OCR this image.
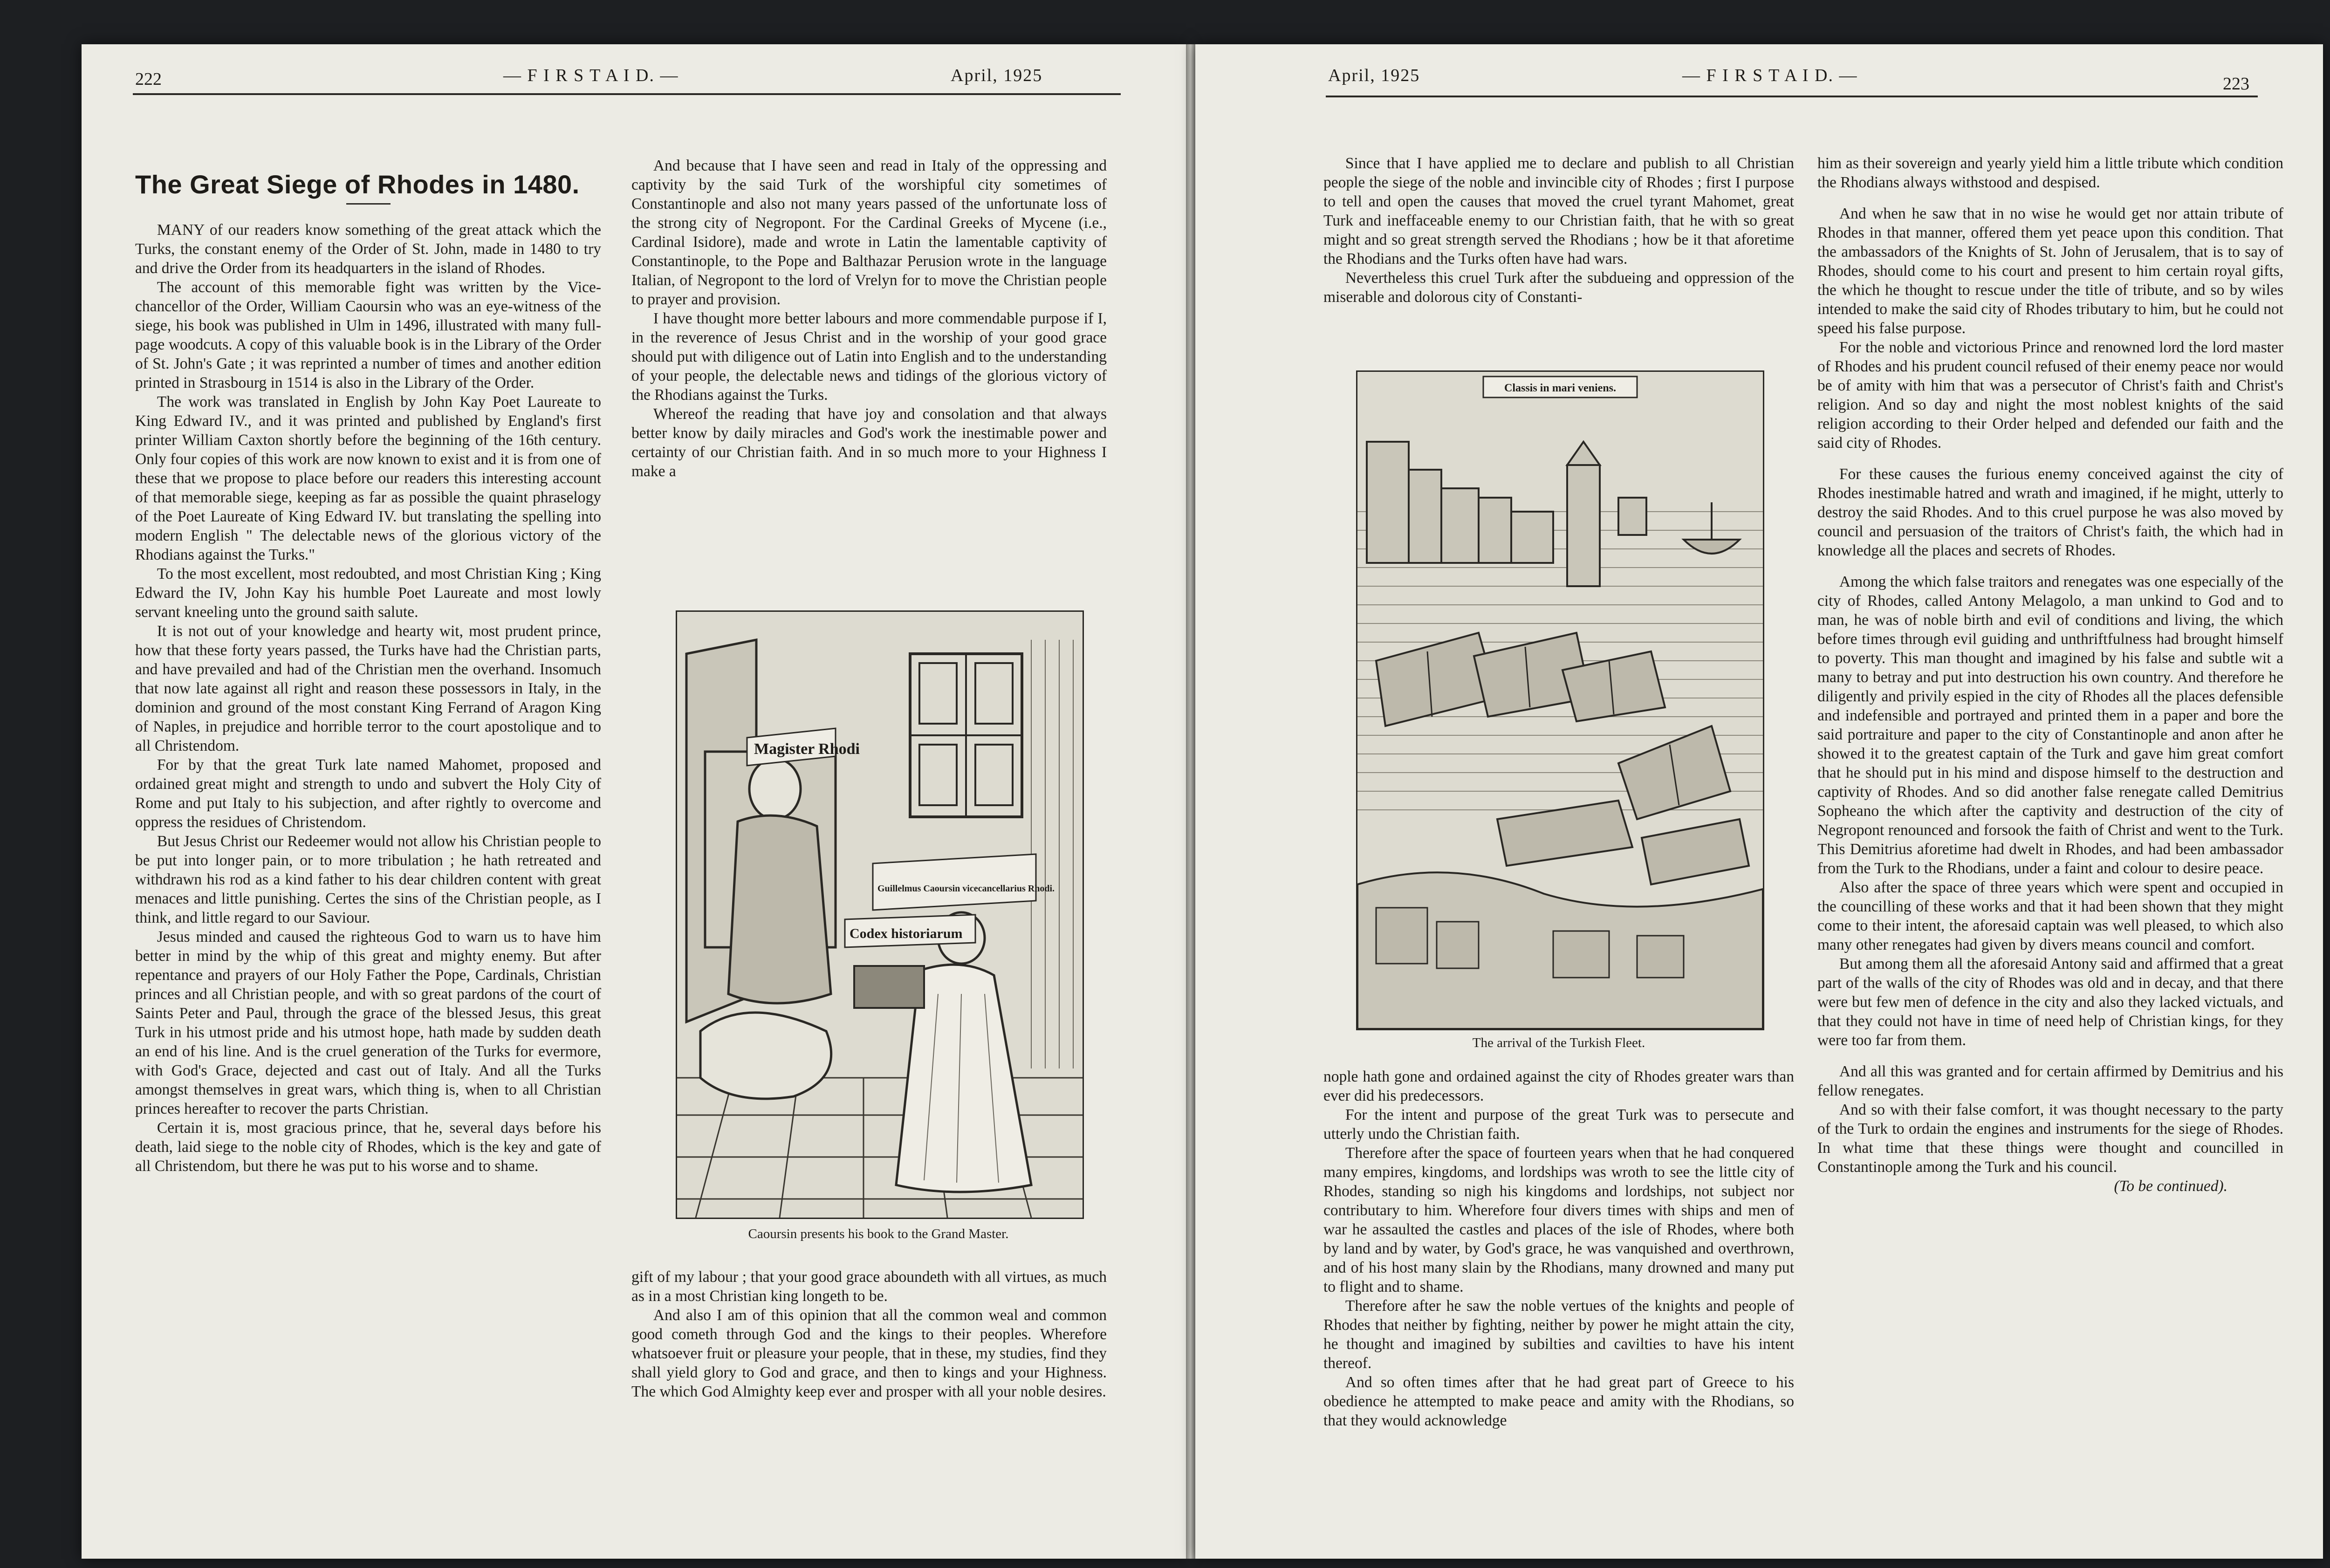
222	— F I R S T A I D. —	April, 1925
The Great Siege of Rhodes in 1480.

MANY of our readers know something of the great attack which the Turks, the constant enemy of the Order of St. John, made in 1480 to try and drive the Order from its headquarters in the island of Rhodes.

The account of this memorable fight was written by the Vice-chancellor of the Order, William Caoursin who was an eye-witness of the siege, his book was published in Ulm in 1496, illustrated with many full-page woodcuts. A copy of this valuable book is in the Library of the Order of St. John's Gate ; it was reprinted a number of times and another edition printed in Strasbourg in 1514 is also in the Library of the Order.

The work was translated in English by John Kay Poet Laureate to King Edward IV., and it was printed and published by England's first printer William Caxton shortly before the beginning of the 16th century. Only four copies of this work are now known to exist and it is from one of these that we propose to place before our readers this interesting account of that memorable siege, keeping as far as possible the quaint phraselogy of the Poet Laureate of King Edward IV. but translating the spelling into modern English " The delectable news of the glorious victory of the Rhodians against the Turks."

To the most excellent, most redoubted, and most Christian King ; King Edward the IV, John Kay his humble Poet Laureate and most lowly servant kneeling unto the ground saith salute.

It is not out of your knowledge and hearty wit, most prudent prince, how that these forty years passed, the Turks have had the Christian parts, and have prevailed and had of the Christian men the overhand. Insomuch that now late against all right and reason these possessors in Italy, in the dominion and ground of the most constant King Ferrand of Aragon King of Naples, in prejudice and horrible terror to the court apostolique and to all Christendom.

For by that the great Turk late named Mahomet, proposed and ordained great might and strength to undo and subvert the Holy City of Rome and put Italy to his subjection, and after rightly to overcome and oppress the residues of Christendom.

But Jesus Christ our Redeemer would not allow his Christian people to be put into longer pain, or to more tribulation ; he hath retreated and withdrawn his rod as a kind father to his dear children content with great menaces and little punishing. Certes the sins of the Christian people, as I think, and little regard to our Saviour.

Jesus minded and caused the righteous God to warn us to have him better in mind by the whip of this great and mighty enemy. But after repentance and prayers of our Holy Father the Pope, Cardinals, Christian princes and all Christian people, and with so great pardons of the court of Saints Peter and Paul, through the grace of the blessed Jesus, this great Turk in his utmost pride and his utmost hope, hath made by sudden death an end of his line. And is the cruel generation of the Turks for evermore, with God's Grace, dejected and cast out of Italy. And all the Turks amongst themselves in great wars, which thing is, when to all Christian princes hereafter to recover the parts Christian.

Certain it is, most gracious prince, that he, several days before his death, laid siege to the noble city of Rhodes, which is the key and gate of all Christendom, but there he was put to his worse and to shame.

And because that I have seen and read in Italy of the oppressing and captivity by the said Turk of the worshipful city sometimes of Constantinople and also not many years passed of the unfortunate loss of the strong city of Negropont. For the Cardinal Greeks of Mycene (i.e., Cardinal Isidore), made and wrote in Latin the lamentable captivity of Constantinople, to the Pope and Balthazar Perusion wrote in the language Italian, of Negropont to the lord of Vrelyn for to move the Christian people to prayer and provision.

I have thought more better labours and more commendable purpose if I, in the reverence of Jesus Christ and in the worship of your good grace should put with diligence out of Latin into English and to the understanding of your people, the delectable news and tidings of the glorious victory of the Rhodians against the Turks.

Whereof the reading that have joy and consolation and that always better know by daily miracles and God's work the inestimable power and certainty of our Christian faith. And in so much more to your Highness I make a

Magister Rhodi
Guillelmus Caoursin vicecancellarius Rhodi.
Codex historiarum
Caoursin presents his book to the Grand Master.

gift of my labour ; that your good grace aboundeth with all virtues, as much as in a most Christian king longeth to be.

And also I am of this opinion that all the common weal and common good cometh through God and the kings to their peoples. Wherefore whatsoever fruit or pleasure your people, that in these, my studies, find they shall yield glory to God and grace, and then to kings and your Highness. The which God Almighty keep ever and prosper with all your noble desires.

April, 1925	— F I R S T A I D. —	223

Since that I have applied me to declare and publish to all Christian people the siege of the noble and invincible city of Rhodes ; first I purpose to tell and open the causes that moved the cruel tyrant Mahomet, great Turk and ineffaceable enemy to our Christian faith, that he with so great might and so great strength served the Rhodians ; how be it that aforetime the Rhodians and the Turks often have had wars.

Nevertheless this cruel Turk after the subdueing and oppression of the miserable and dolorous city of Constanti-

Classis in mari veniens.
The arrival of the Turkish Fleet.

nople hath gone and ordained against the city of Rhodes greater wars than ever did his predecessors.

For the intent and purpose of the great Turk was to persecute and utterly undo the Christian faith.

Therefore after the space of fourteen years when that he had conquered many empires, kingdoms, and lordships was wroth to see the little city of Rhodes, standing so nigh his kingdoms and lordships, not subject nor contributary to him. Wherefore four divers times with ships and men of war he assaulted the castles and places of the isle of Rhodes, where both by land and by water, by God's grace, he was vanquished and overthrown, and of his host many slain by the Rhodians, many drowned and many put to flight and to shame.

Therefore after he saw the noble vertues of the knights and people of Rhodes that neither by fighting, neither by power he might attain the city, he thought and imagined by subilties and cavilties to have his intent thereof.

And so often times after that he had great part of Greece to his obedience he attempted to make peace and amity with the Rhodians, so that they would acknowledge

him as their sovereign and yearly yield him a little tribute which condition the Rhodians always withstood and despised.

And when he saw that in no wise he would get nor attain tribute of Rhodes in that manner, offered them yet peace upon this condition. That the ambassadors of the Knights of St. John of Jerusalem, that is to say of Rhodes, should come to his court and present to him certain royal gifts, the which he thought to rescue under the title of tribute, and so by wiles intended to make the said city of Rhodes tributary to him, but he could not speed his false purpose.

For the noble and victorious Prince and renowned lord the lord master of Rhodes and his prudent council refused of their enemy peace nor would be of amity with him that was a persecutor of Christ's faith and Christ's religion. And so day and night the most noblest knights of the said religion according to their Order helped and defended our faith and the said city of Rhodes.

For these causes the furious enemy conceived against the city of Rhodes inestimable hatred and wrath and imagined, if he might, utterly to destroy the said Rhodes. And to this cruel purpose he was also moved by council and persuasion of the traitors of Christ's faith, the which had in knowledge all the places and secrets of Rhodes.

Among the which false traitors and renegates was one especially of the city of Rhodes, called Antony Melagolo, a man unkind to God and to man, he was of noble birth and evil of conditions and living, the which before times through evil guiding and unthriftfulness had brought himself to poverty. This man thought and imagined by his false and subtle wit a many to betray and put into destruction his own country. And therefore he diligently and privily espied in the city of Rhodes all the places defensible and indefensible and portrayed and printed them in a paper and bore the said portraiture and paper to the city of Constantinople and anon after he showed it to the greatest captain of the Turk and gave him great comfort that he should put in his mind and dispose himself to the destruction and captivity of Rhodes. And so did another false renegate called Demitrius Sopheano the which after the captivity and destruction of the city of Negropont renounced and forsook the faith of Christ and went to the Turk. This Demitrius aforetime had dwelt in Rhodes, and had been ambassador from the Turk to the Rhodians, under a faint and colour to desire peace.

Also after the space of three years which were spent and occupied in the councilling of these works and that it had been shown that they might come to their intent, the aforesaid captain was well pleased, to which also many other renegates had given by divers means council and comfort.

But among them all the aforesaid Antony said and affirmed that a great part of the walls of the city of Rhodes was old and in decay, and that there were but few men of defence in the city and also they lacked victuals, and that they could not have in time of need help of Christian kings, for they were too far from them.

And all this was granted and for certain affirmed by Demitrius and his fellow renegates.

And so with their false comfort, it was thought necessary to the party of the Turk to ordain the engines and instruments for the siege of Rhodes. In what time that these things were thought and councilled in Constantinople among the Turk and his council.

(To be continued).
